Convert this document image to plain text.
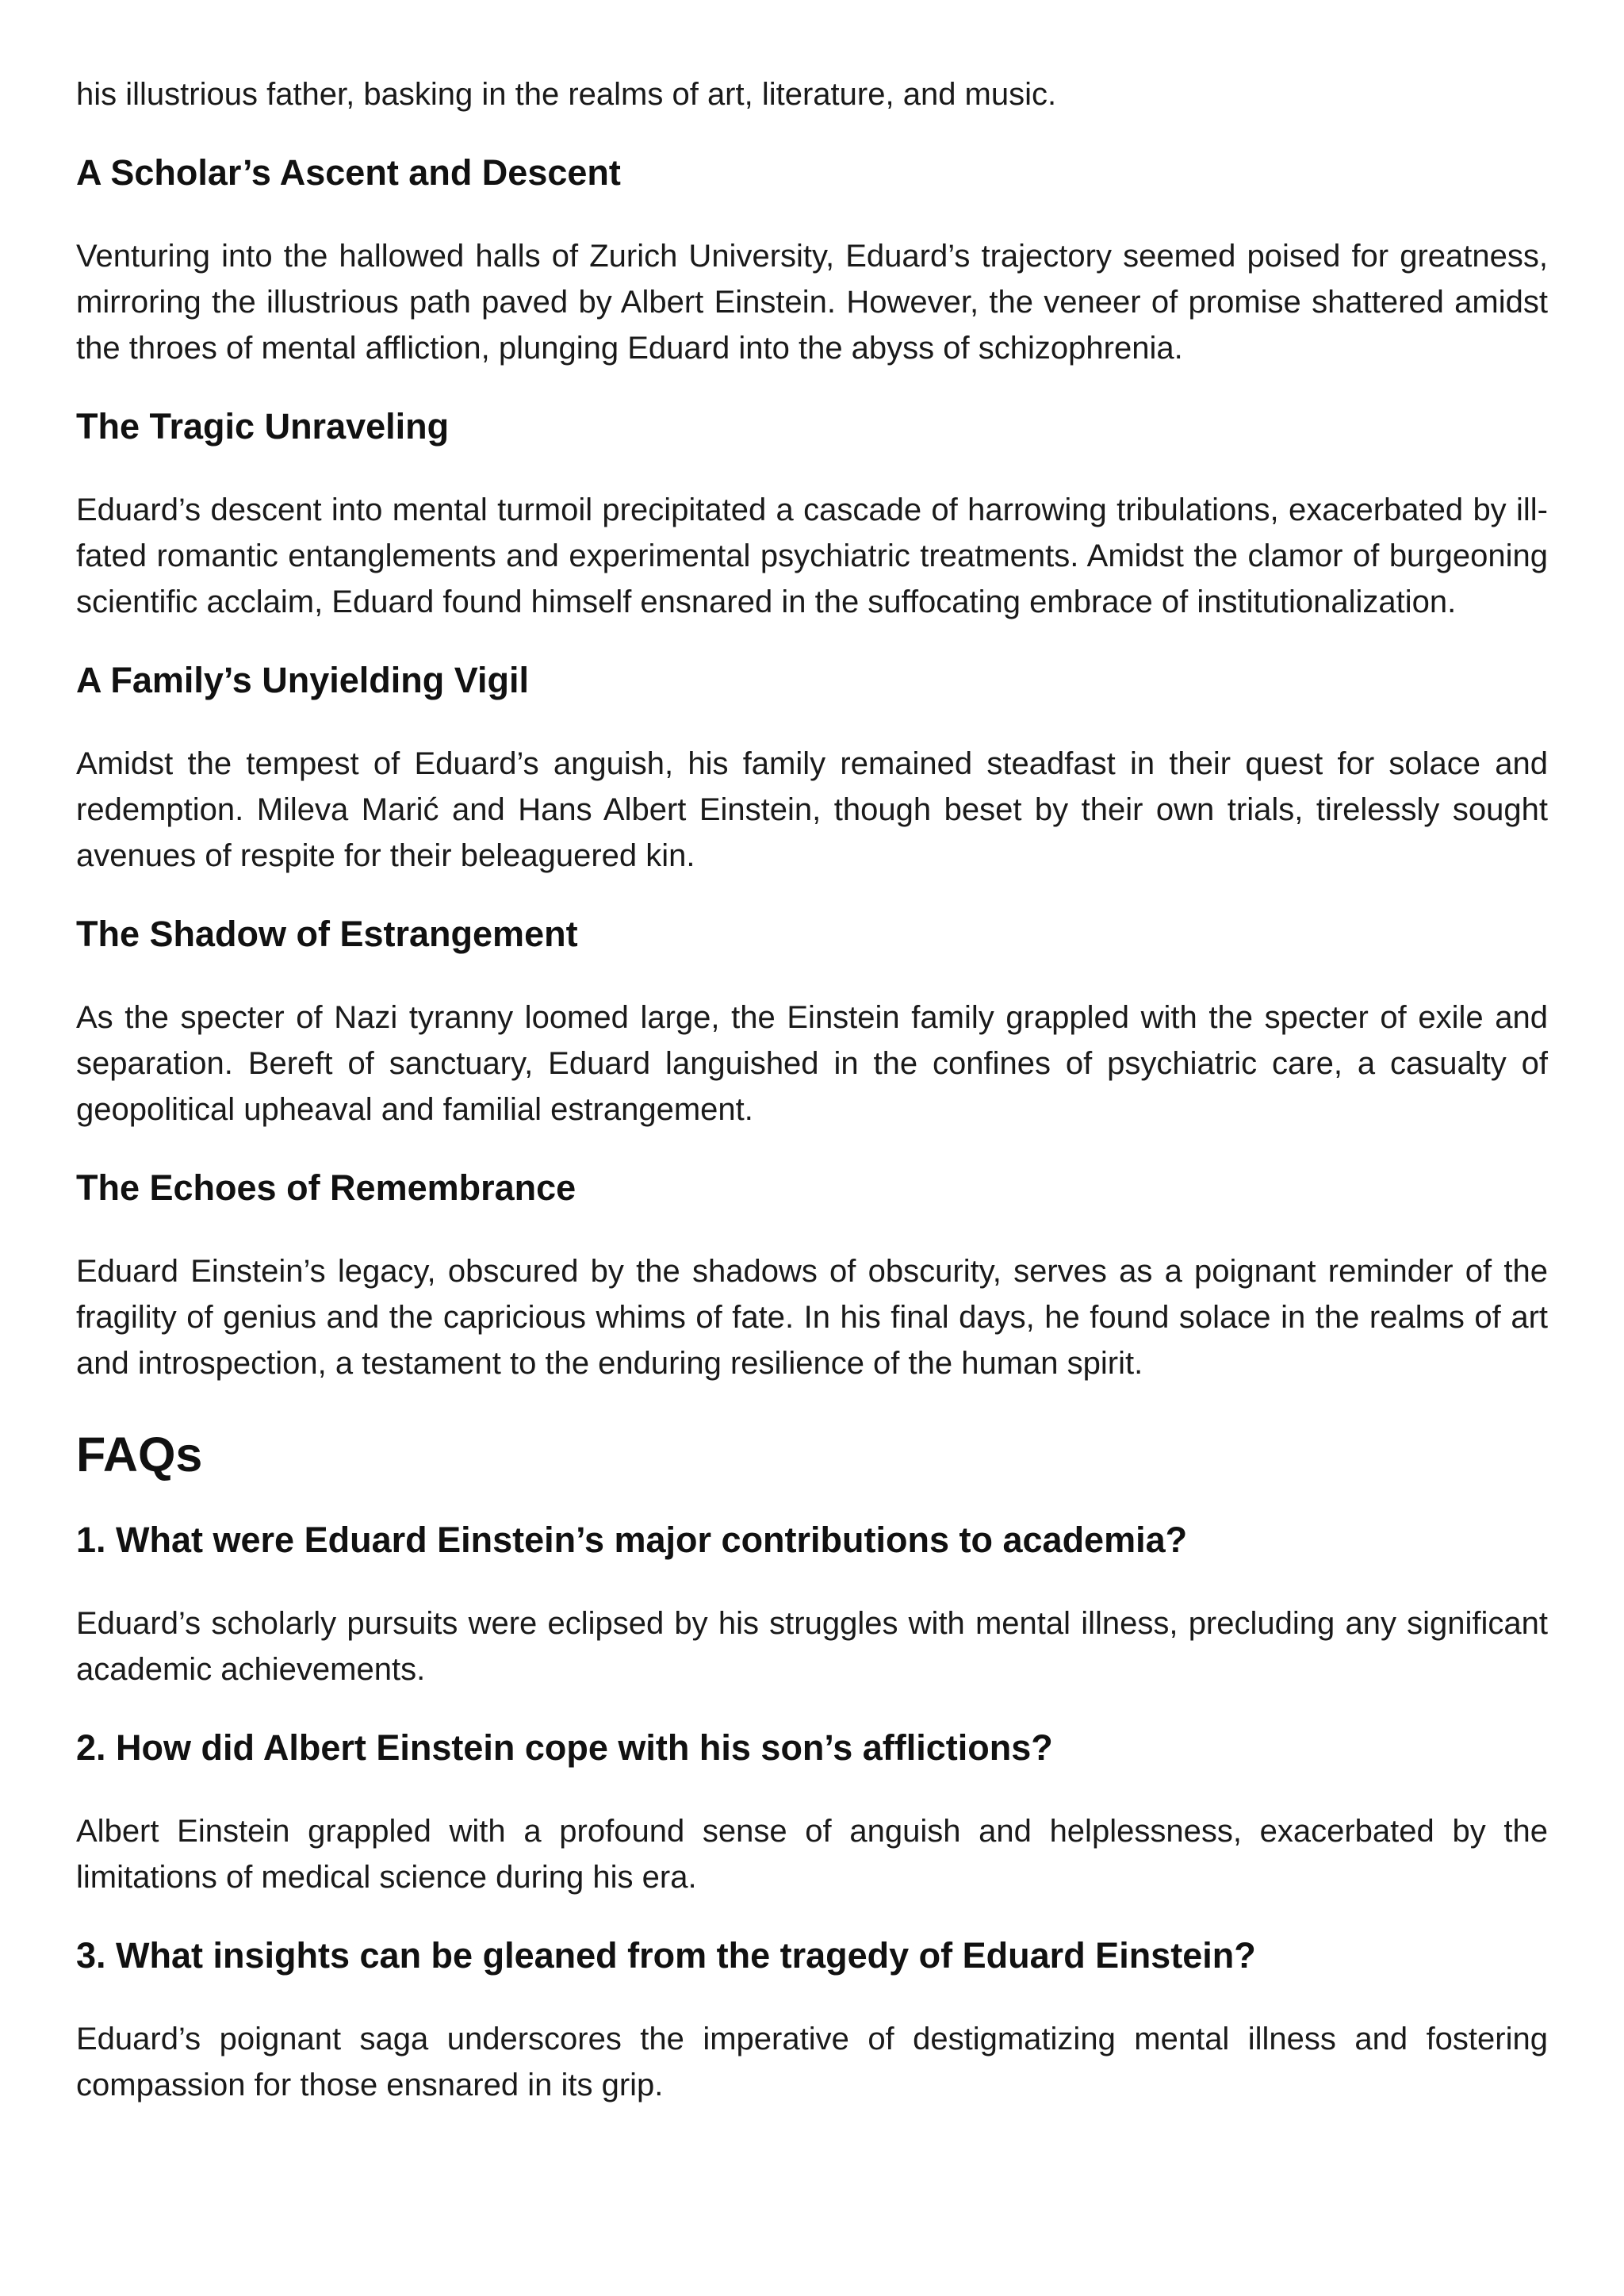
his illustrious father, basking in the realms of art, literature, and music.

A Scholar’s Ascent and Descent

Venturing into the hallowed halls of Zurich University, Eduard’s trajectory seemed poised for greatness, mirroring the illustrious path paved by Albert Einstein. However, the veneer of promise shattered amidst the throes of mental affliction, plunging Eduard into the abyss of schizophrenia.

The Tragic Unraveling

Eduard’s descent into mental turmoil precipitated a cascade of harrowing tribulations, exacerbated by ill-fated romantic entanglements and experimental psychiatric treatments. Amidst the clamor of burgeoning scientific acclaim, Eduard found himself ensnared in the suffocating embrace of institutionalization.

A Family’s Unyielding Vigil

Amidst the tempest of Eduard’s anguish, his family remained steadfast in their quest for solace and redemption. Mileva Marić and Hans Albert Einstein, though beset by their own trials, tirelessly sought avenues of respite for their beleaguered kin.

The Shadow of Estrangement

As the specter of Nazi tyranny loomed large, the Einstein family grappled with the specter of exile and separation. Bereft of sanctuary, Eduard languished in the confines of psychiatric care, a casualty of geopolitical upheaval and familial estrangement.

The Echoes of Remembrance

Eduard Einstein’s legacy, obscured by the shadows of obscurity, serves as a poignant reminder of the fragility of genius and the capricious whims of fate. In his final days, he found solace in the realms of art and introspection, a testament to the enduring resilience of the human spirit.

FAQs
1. What were Eduard Einstein’s major contributions to academia?

Eduard’s scholarly pursuits were eclipsed by his struggles with mental illness, precluding any significant academic achievements.

2. How did Albert Einstein cope with his son’s afflictions?

Albert Einstein grappled with a profound sense of anguish and helplessness, exacerbated by the limitations of medical science during his era.

3. What insights can be gleaned from the tragedy of Eduard Einstein?

Eduard’s poignant saga underscores the imperative of destigmatizing mental illness and fostering compassion for those ensnared in its grip.
